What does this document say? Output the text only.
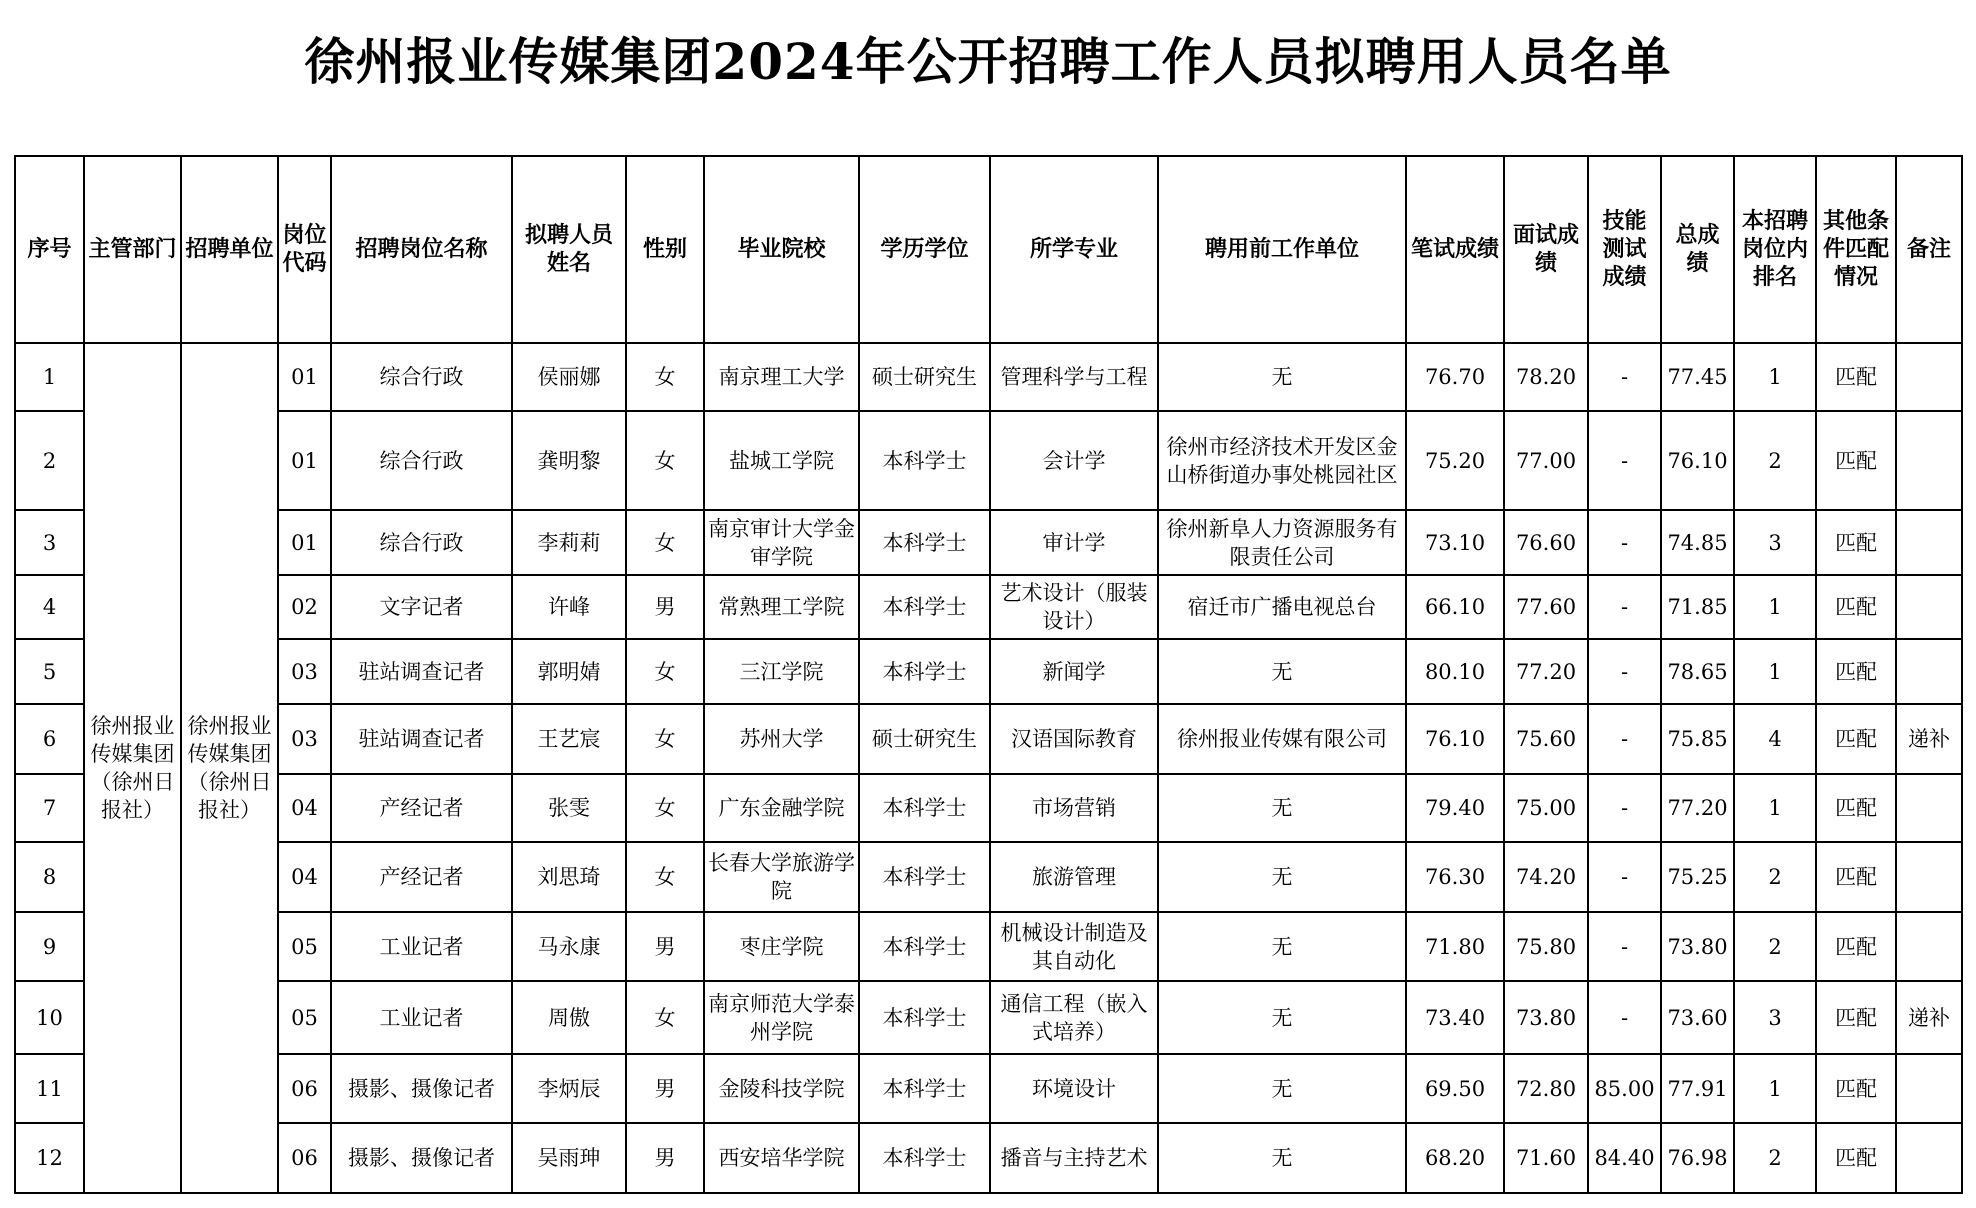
徐州报业传媒集团2024年公开招聘工作人员拟聘用人员名单
序号	主管部门	招聘单位	岗位代码	招聘岗位名称	拟聘人员姓名	性别	毕业院校	学历学位	所学专业	聘用前工作单位	笔试成绩	面试成绩	技能测试成绩	总成绩	本招聘岗位内排名	其他条件匹配情况	备注
1	徐州报业传媒集团（徐州日报社）	徐州报业传媒集团（徐州日报社）	01	综合行政	侯丽娜	女	南京理工大学	硕士研究生	管理科学与工程	无	76.70	78.20	-	77.45	1	匹配	
2			01	综合行政	龚明黎	女	盐城工学院	本科学士	会计学	徐州市经济技术开发区金山桥街道办事处桃园社区	75.20	77.00	-	76.10	2	匹配	
3			01	综合行政	李莉莉	女	南京审计大学金审学院	本科学士	审计学	徐州新阜人力资源服务有限责任公司	73.10	76.60	-	74.85	3	匹配	
4			02	文字记者	许峰	男	常熟理工学院	本科学士	艺术设计（服装设计）	宿迁市广播电视总台	66.10	77.60	-	71.85	1	匹配	
5			03	驻站调查记者	郭明婧	女	三江学院	本科学士	新闻学	无	80.10	77.20	-	78.65	1	匹配	
6			03	驻站调查记者	王艺宸	女	苏州大学	硕士研究生	汉语国际教育	徐州报业传媒有限公司	76.10	75.60	-	75.85	4	匹配	递补
7			04	产经记者	张雯	女	广东金融学院	本科学士	市场营销	无	79.40	75.00	-	77.20	1	匹配	
8			04	产经记者	刘思琦	女	长春大学旅游学院	本科学士	旅游管理	无	76.30	74.20	-	75.25	2	匹配	
9			05	工业记者	马永康	男	枣庄学院	本科学士	机械设计制造及其自动化	无	71.80	75.80	-	73.80	2	匹配	
10			05	工业记者	周傲	女	南京师范大学泰州学院	本科学士	通信工程（嵌入式培养）	无	73.40	73.80	-	73.60	3	匹配	递补
11			06	摄影、摄像记者	李炳辰	男	金陵科技学院	本科学士	环境设计	无	69.50	72.80	85.00	77.91	1	匹配	
12			06	摄影、摄像记者	吴雨珅	男	西安培华学院	本科学士	播音与主持艺术	无	68.20	71.60	84.40	76.98	2	匹配	
